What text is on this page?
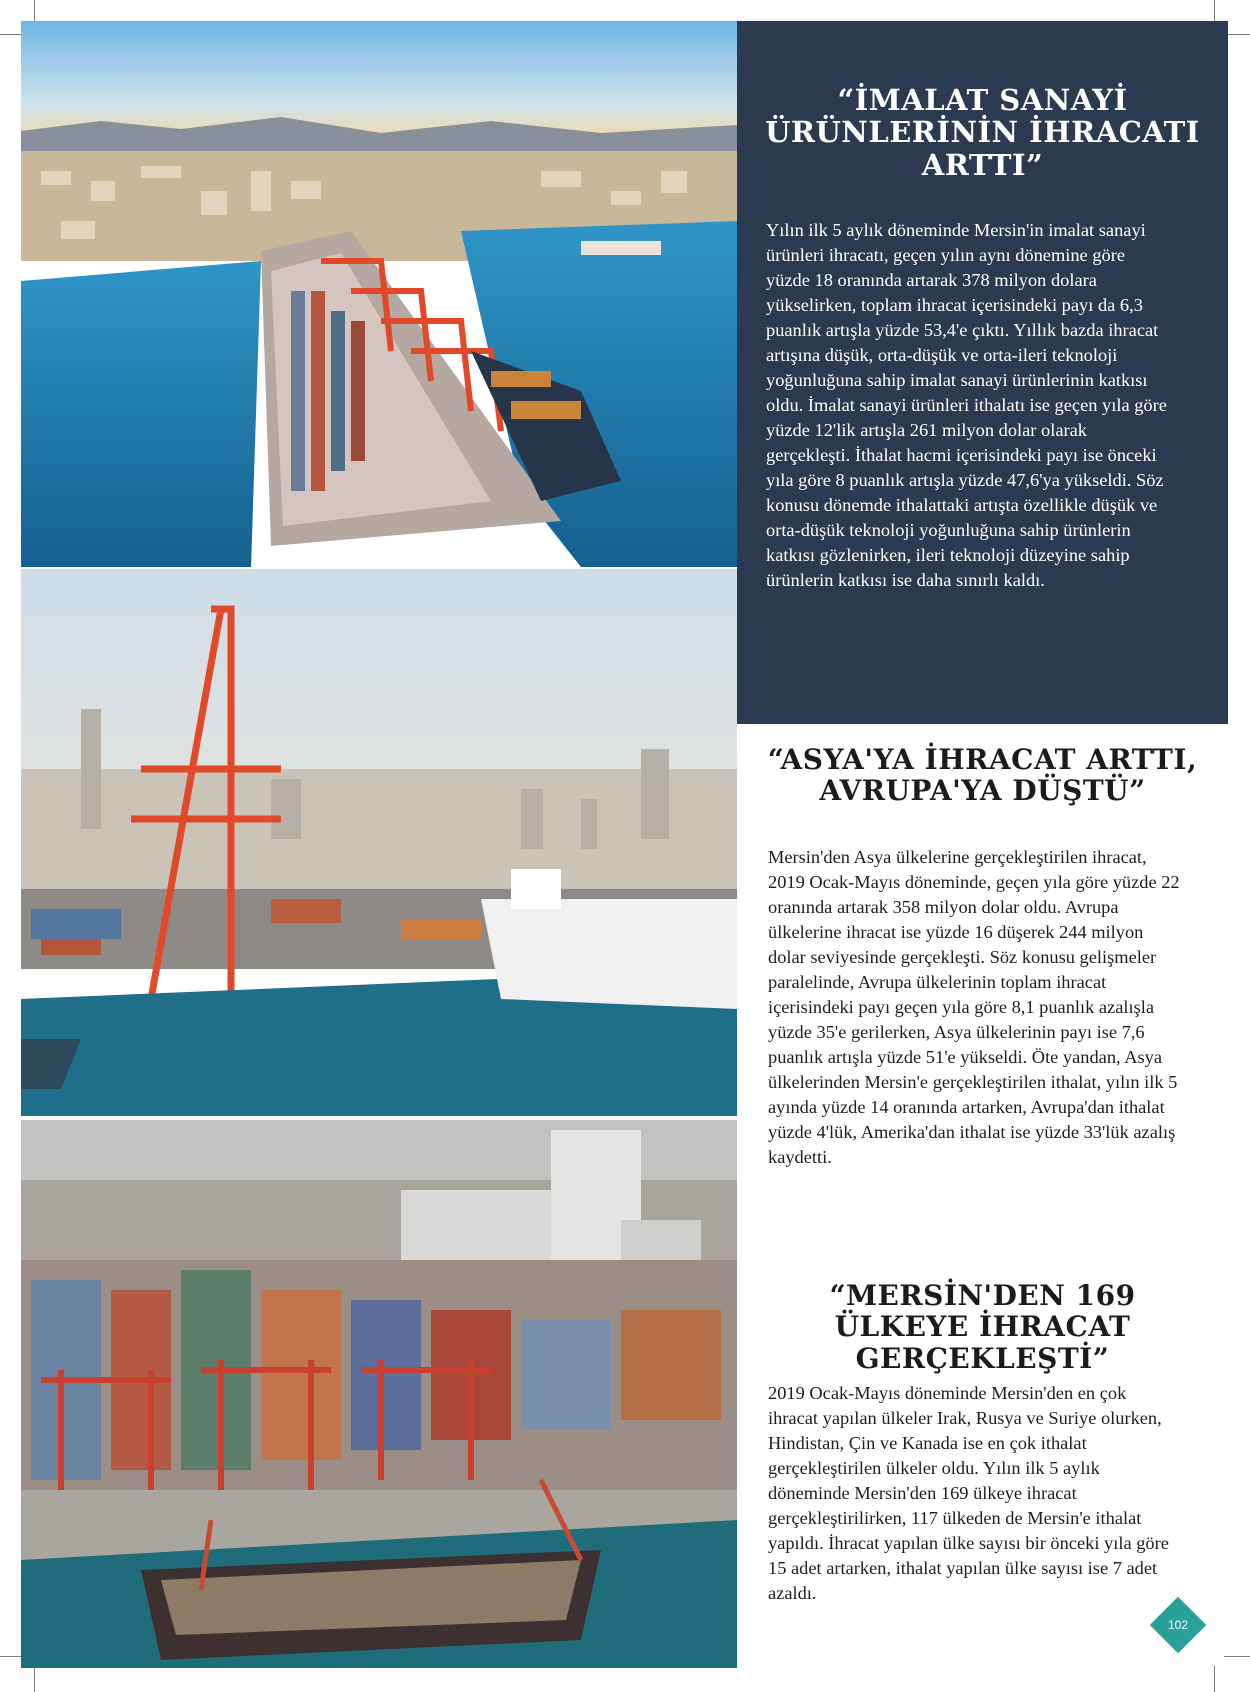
“İMALAT SANAYİ ÜRÜNLERİNİN İHRACATI ARTTI”

Yılın ilk 5 aylık döneminde Mersin'in imalat sanayi ürünleri ihracatı, geçen yılın aynı dönemine göre yüzde 18 oranında artarak 378 milyon dolara yükselirken, toplam ihracat içerisindeki payı da 6,3 puanlık artışla yüzde 53,4'e çıktı. Yıllık bazda ihracat artışına düşük, orta-düşük ve orta-ileri teknoloji yoğunluğuna sahip imalat sanayi ürünlerinin katkısı oldu. İmalat sanayi ürünleri ithalatı ise geçen yıla göre yüzde 12'lik artışla 261 milyon dolar olarak gerçekleşti. İthalat hacmi içerisindeki payı ise önceki yıla göre 8 puanlık artışla yüzde 47,6'ya yükseldi. Söz konusu dönemde ithalattaki artışta özellikle düşük ve orta-düşük teknoloji yoğunluğuna sahip ürünlerin katkısı gözlenirken, ileri teknoloji düzeyine sahip ürünlerin katkısı ise daha sınırlı kaldı.

“ASYA'YA İHRACAT ARTTI, AVRUPA'YA DÜŞTÜ”

Mersin'den Asya ülkelerine gerçekleştirilen ihracat, 2019 Ocak-Mayıs döneminde, geçen yıla göre yüzde 22 oranında artarak 358 milyon dolar oldu. Avrupa ülkelerine ihracat ise yüzde 16 düşerek 244 milyon dolar seviyesinde gerçekleşti. Söz konusu gelişmeler paralelinde, Avrupa ülkelerinin toplam ihracat içerisindeki payı geçen yıla göre 8,1 puanlık azalışla yüzde 35'e gerilerken, Asya ülkelerinin payı ise 7,6 puanlık artışla yüzde 51'e yükseldi. Öte yandan, Asya ülkelerinden Mersin'e gerçekleştirilen ithalat, yılın ilk 5 ayında yüzde 14 oranında artarken, Avrupa'dan ithalat yüzde 4'lük, Amerika'dan ithalat ise yüzde 33'lük azalış kaydetti.

“MERSİN'DEN 169 ÜLKEYE İHRACAT GERÇEKLEŞTİ”

2019 Ocak-Mayıs döneminde Mersin'den en çok ihracat yapılan ülkeler Irak, Rusya ve Suriye olurken, Hindistan, Çin ve Kanada ise en çok ithalat gerçekleştirilen ülkeler oldu. Yılın ilk 5 aylık döneminde Mersin'den 169 ülkeye ihracat gerçekleştirilirken, 117 ülkeden de Mersin'e ithalat yapıldı. İhracat yapılan ülke sayısı bir önceki yıla göre 15 adet artarken, ithalat yapılan ülke sayısı ise 7 adet azaldı.

102
